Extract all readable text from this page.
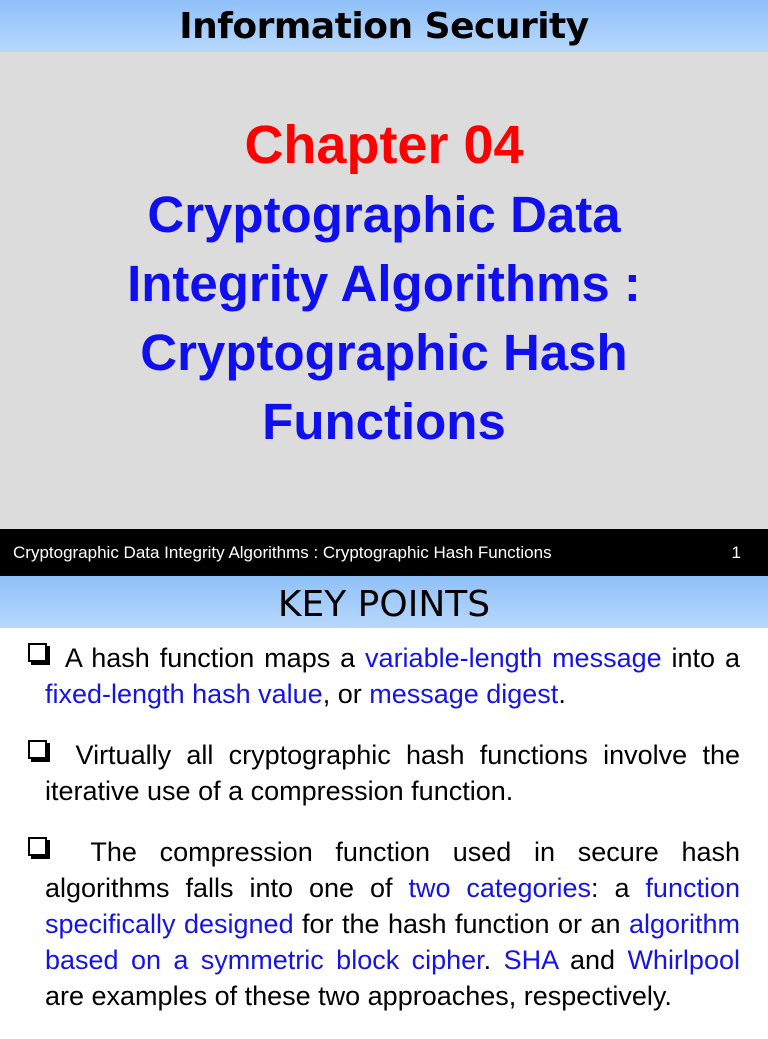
Information Security
Chapter 04
Cryptographic Data
Integrity Algorithms :
Cryptographic Hash
Functions
Cryptographic Data Integrity Algorithms : Cryptographic Hash Functions	1
KEY POINTS
A hash function maps a variable-length message into a fixed-length hash value, or message digest.
Virtually all cryptographic hash functions involve the iterative use of a compression function.
The compression function used in secure hash algorithms falls into one of two categories: a function specifically designed for the hash function or an algorithm based on a symmetric block cipher. SHA and Whirlpool are examples of these two approaches, respectively.
